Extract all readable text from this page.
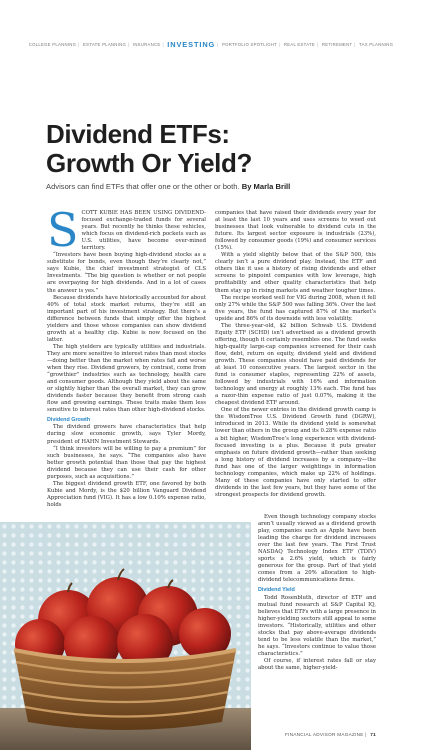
COLLEGE PLANNING | ESTATE PLANNING | INSURANCE | INVESTING | PORTFOLIO SPOTLIGHT | REAL ESTATE | RETIREMENT | TAX PLANNING
Dividend ETFs:
Growth Or Yield?
Advisors can find ETFs that offer one or the other or both. By Marla Brill
S COTT KUBIE HAS BEEN USING DIVIDEND-focused exchange-traded funds for several years. But recently he thinks these vehicles, which focus on dividend-rich pockets such as U.S. utilities, have become over-mined territory.

“Investors have been buying high-dividend stocks as a substitute for bonds, even though they’re clearly not,” says Kubie, the chief investment strategist of CLS Investments. “The big question is whether or not people are overpaying for high dividends. And in a lot of cases the answer is yes.”

Because dividends have historically accounted for about 40% of total stock market returns, they’re still an important part of his investment strategy. But there’s a difference between funds that simply offer the highest yielders and those whose companies can show dividend growth at a healthy clip. Kubie is now focused on the latter.

The high yielders are typically utilities and industrials. They are more sensitive to interest rates than most stocks—doing better than the market when rates fall and worse when they rise. Dividend growers, by contrast, come from “growthier” industries such as technology, health care and consumer goods. Although they yield about the same or slightly higher than the overall market, they can grow dividends faster because they benefit from strong cash flow and growing earnings. These traits make them less sensitive to interest rates than other high-dividend stocks.

Dividend Growth

The dividend growers have characteristics that help during slow economic growth, says Tyler Mordy, president of HAHN Investment Stewards.

“I think investors will be willing to pay a premium” for such businesses, he says. “The companies also have better growth potential than those that pay the highest dividend because they can use their cash for other purposes, such as acquisitions.”

The biggest dividend growth ETF, one favored by both Kubie and Mordy, is the $20 billion Vanguard Dividend Appreciation fund (VIG). It has a low 0.10% expense ratio, holds

companies that have raised their dividends every year for at least the last 10 years and uses screens to weed out businesses that look vulnerable to dividend cuts in the future. Its largest sector exposure is industrials (23%), followed by consumer goods (19%) and consumer services (15%).

With a yield slightly below that of the S&P 500, this clearly isn’t a pure dividend play. Instead, the ETF and others like it use a history of rising dividends and other screens to pinpoint companies with low leverage, high profitability and other quality characteristics that help them stay up in rising markets and weather tougher times.

The recipe worked well for VIG during 2008, when it fell only 27% while the S&P 500 was falling 36%. Over the last five years, the fund has captured 87% of the market’s upside and 86% of its downside with less volatility.

The three-year-old, $2 billion Schwab U.S. Dividend Equity ETF (SCHD) isn’t advertised as a dividend growth offering, though it certainly resembles one. The fund seeks high-quality large-cap companies screened for their cash flow, debt, return on equity, dividend yield and dividend growth. These companies should have paid dividends for at least 10 consecutive years. The largest sector in the fund is consumer staples, representing 22% of assets, followed by industrials with 16% and information technology and energy at roughly 13% each. The fund has a razor-thin expense ratio of just 0.07%, making it the cheapest dividend ETF around.

One of the newer entries in the dividend growth camp is the WisdomTree U.S. Dividend Growth fund (DGRW), introduced in 2013. While its dividend yield is somewhat lower than others in the group and its 0.28% expense ratio a bit higher, WisdomTree’s long experience with dividend-focused investing is a plus. Because it puts greater emphasis on future dividend growth—rather than seeking a long history of dividend increases by a company—the fund has one of the larger weightings in information technology companies, which make up 22% of holdings. Many of these companies have only started to offer dividends in the last few years, but they have some of the strongest prospects for dividend growth.

Even though technology company stocks aren’t usually viewed as a dividend growth play, companies such as Apple have been leading the charge for dividend increases over the last few years. The First Trust NASDAQ Technology Index ETF (TDIV) sports a 2.6% yield, which is fairly generous for the group. Part of that yield comes from a 20% allocation to high-dividend telecommunications firms.

Dividend Yield

Todd Rosenbluth, director of ETF and mutual fund research at S&P Capital IQ, believes that ETFs with a large presence in higher-yielding sectors still appeal to some investors. “Historically, utilities and other stocks that pay above-average dividends tend to be less volatile than the market,” he says. “Investors continue to value those characteristics.”

Of course, if interest rates fall or stay about the same, higher-yield-

FINANCIAL ADVISOR MAGAZINE | 71
